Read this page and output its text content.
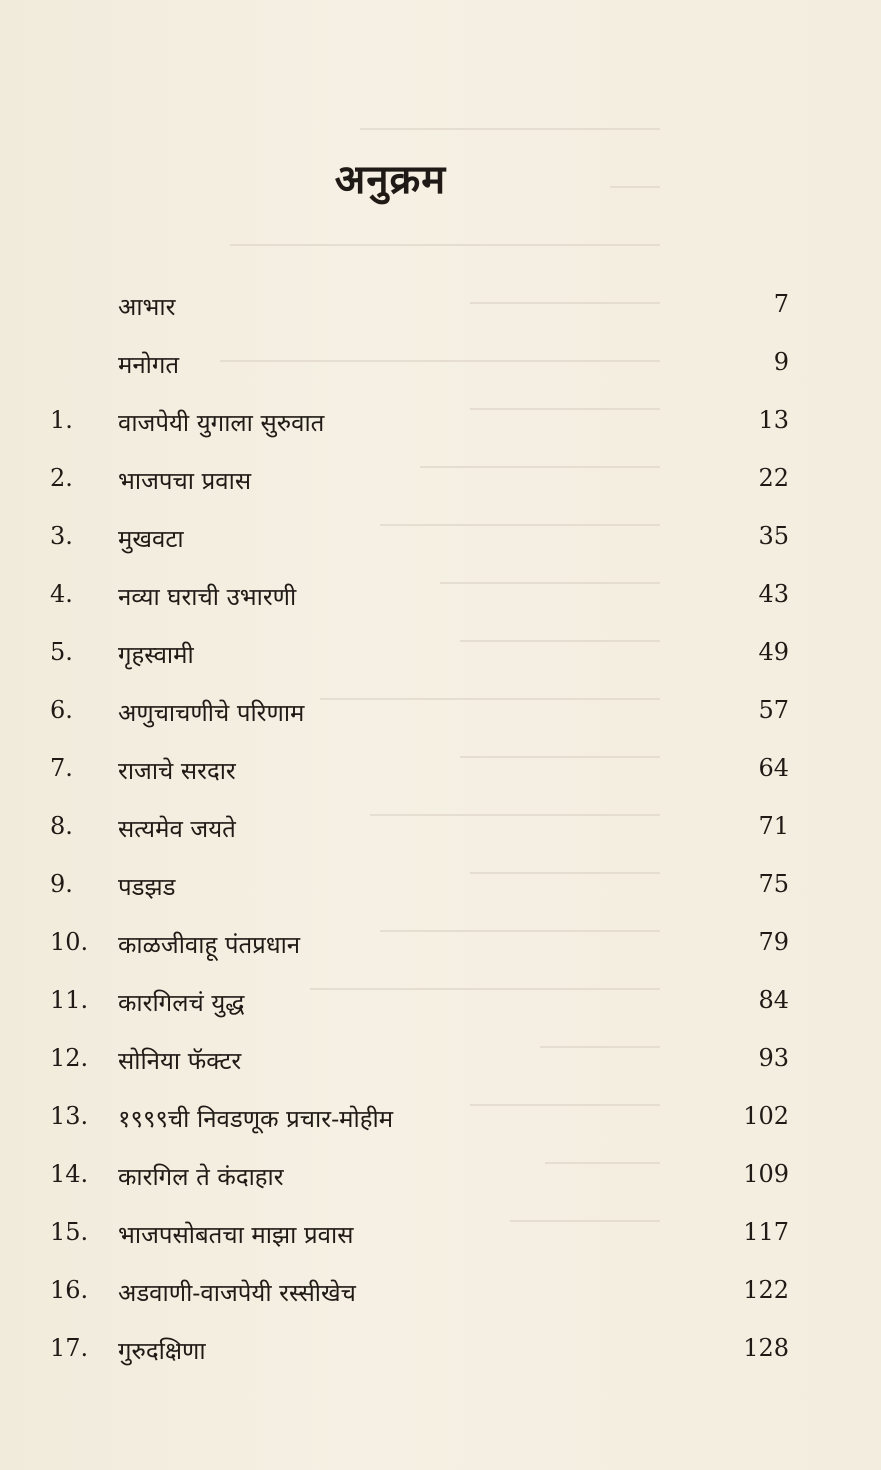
अनुक्रम
आभार	7
मनोगत	9
1.	वाजपेयी युगाला सुरुवात	13
2.	भाजपचा प्रवास	22
3.	मुखवटा	35
4.	नव्या घराची उभारणी	43
5.	गृहस्वामी	49
6.	अणुचाचणीचे परिणाम	57
7.	राजाचे सरदार	64
8.	सत्यमेव जयते	71
9.	पडझड	75
10.	काळजीवाहू पंतप्रधान	79
11.	कारगिलचं युद्ध	84
12.	सोनिया फॅक्टर	93
13.	१९९९ची निवडणूक प्रचार-मोहीम	102
14.	कारगिल ते कंदाहार	109
15.	भाजपसोबतचा माझा प्रवास	117
16.	अडवाणी-वाजपेयी रस्सीखेच	122
17.	गुरुदक्षिणा	128
